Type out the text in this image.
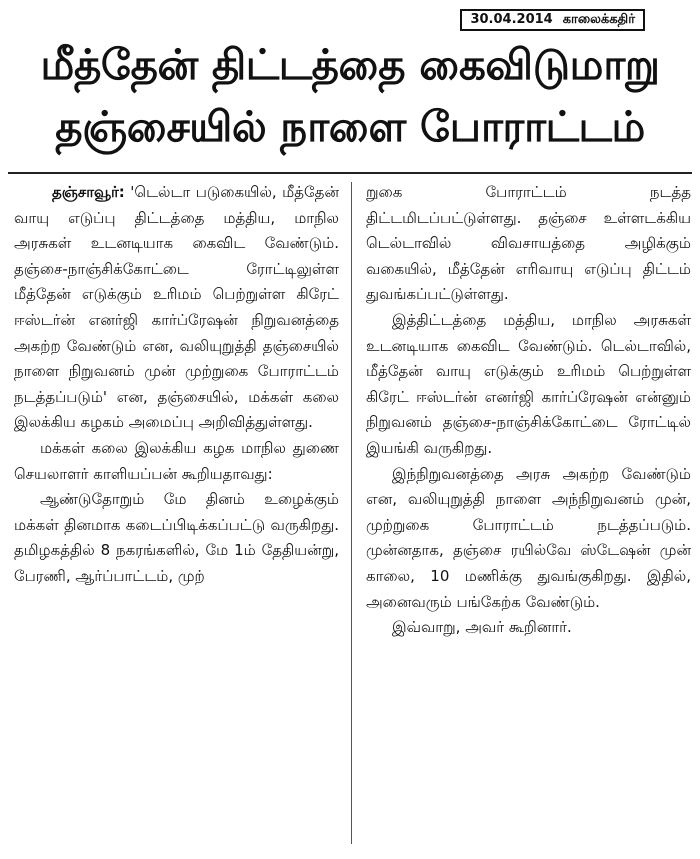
30.04.2014 காலைக்கதிர்
மீத்தேன் திட்டத்தை கைவிடுமாறு
தஞ்சையில் நாளை போராட்டம்

தஞ்சாவூர்: 'டெல்டா படுகையில், மீத்தேன் வாயு எடுப்பு திட்டத்தை மத்திய, மாநில அரசுகள் உடனடியாக கைவிட வேண்டும். தஞ்சை-நாஞ்சிக்கோட்டை ரோட்டிலுள்ள மீத்தேன் எடுக்கும் உரிமம் பெற்றுள்ள கிரேட் ஈஸ்டர்ன் எனர்ஜி கார்ப்ரேஷன் நிறுவனத்தை அகற்ற வேண்டும் என, வலியுறுத்தி தஞ்சையில் நாளை நிறுவனம் முன் முற்றுகை போராட்டம் நடத்தப்படும்' என, தஞ்சையில், மக்கள் கலை இலக்கிய கழகம் அமைப்பு அறிவித்துள்ளது.

மக்கள் கலை இலக்கிய கழக மாநில துணை செயலாளர் காளியப்பன் கூறியதாவது:

ஆண்டுதோறும் மே தினம் உழைக்கும் மக்கள் தினமாக கடைப்பிடிக்கப்பட்டு வருகிறது. தமிழகத்தில் 8 நகரங்களில், மே 1ம் தேதியன்று, பேரணி, ஆர்ப்பாட்டம், முற்

றுகை போராட்டம் நடத்த திட்டமிடப்பட்டுள்ளது. தஞ்சை உள்ளடக்கிய டெல்டாவில் விவசாயத்தை அழிக்கும் வகையில், மீத்தேன் எரிவாயு எடுப்பு திட்டம் துவங்கப்பட்டுள்ளது.

இத்திட்டத்தை மத்திய, மாநில அரசுகள் உடனடியாக கைவிட வேண்டும். டெல்டாவில், மீத்தேன் வாயு எடுக்கும் உரிமம் பெற்றுள்ள கிரேட் ஈஸ்டர்ன் எனர்ஜி கார்ப்ரேஷன் என்னும் நிறுவனம் தஞ்சை-நாஞ்சிக்கோட்டை ரோட்டில் இயங்கி வருகிறது.

இந்நிறுவனத்தை அரசு அகற்ற வேண்டும் என, வலியுறுத்தி நாளை அந்நிறுவனம் முன், முற்றுகை போராட்டம் நடத்தப்படும். முன்னதாக, தஞ்சை ரயில்வே ஸ்டேஷன் முன் காலை, 10 மணிக்கு துவங்குகிறது. இதில், அனைவரும் பங்கேற்க வேண்டும்.

இவ்வாறு, அவர் கூறினார்.
